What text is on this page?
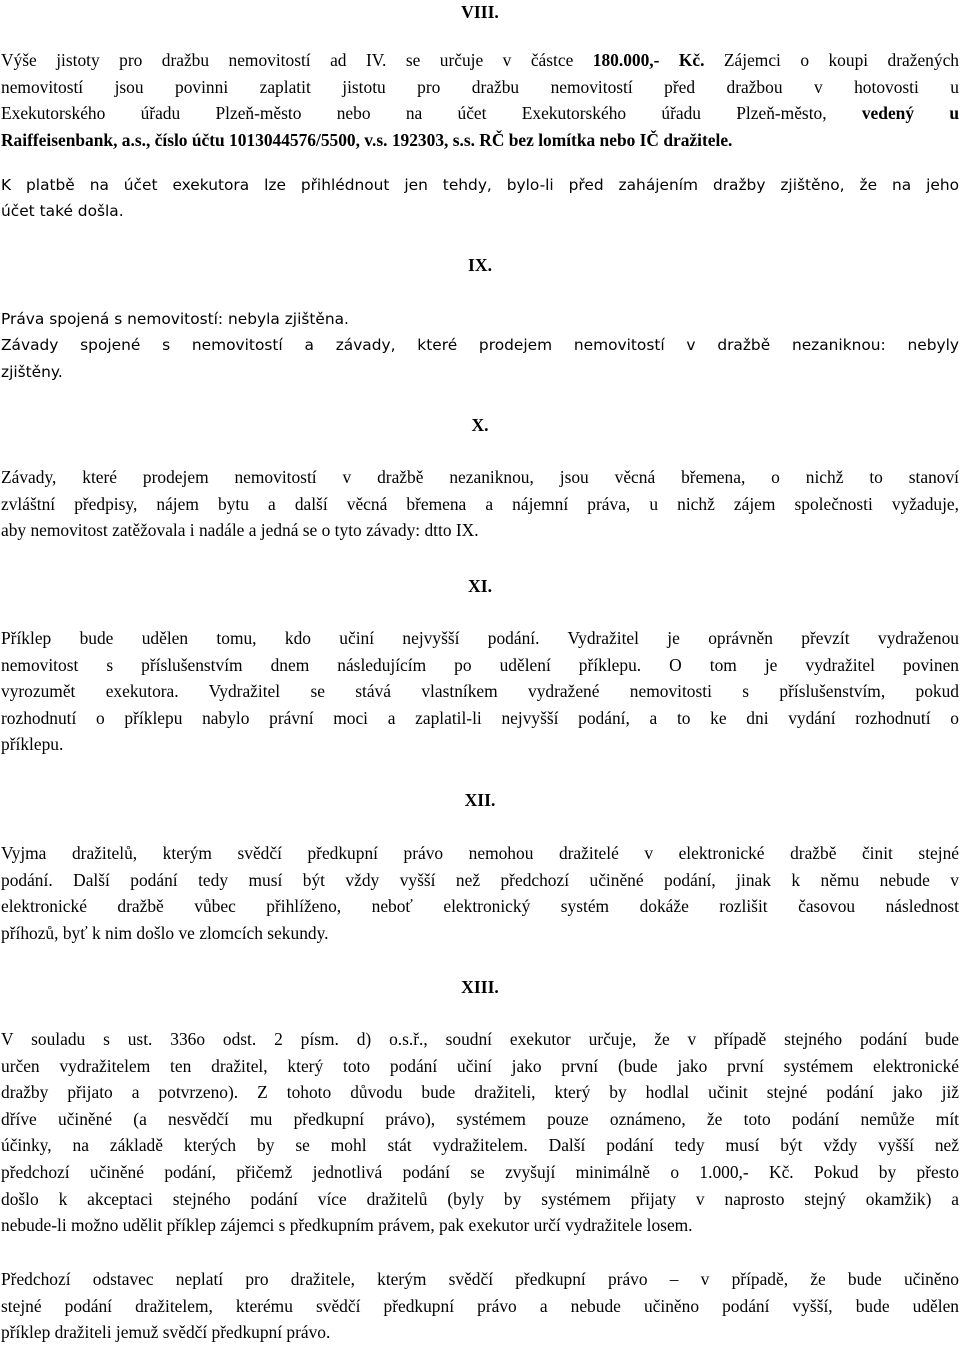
VIII.
Výše jistoty pro dražbu nemovitostí ad IV. se určuje v částce 180.000,- Kč. Zájemci o koupi dražených
nemovitostí jsou povinni zaplatit jistotu pro dražbu nemovitostí před dražbou v hotovosti u
Exekutorského úřadu Plzeň-město nebo na účet Exekutorského úřadu Plzeň-město, vedený u
Raiffeisenbank, a.s., číslo účtu 1013044576/5500, v.s. 192303, s.s. RČ bez lomítka nebo IČ dražitele.
K platbě na účet exekutora lze přihlédnout jen tehdy, bylo-li před zahájením dražby zjištěno, že na jeho
účet také došla.
IX.
Práva spojená s nemovitostí: nebyla zjištěna.
Závady spojené s nemovitostí a závady, které prodejem nemovitostí v dražbě nezaniknou: nebyly
zjištěny.
X.
Závady, které prodejem nemovitostí v dražbě nezaniknou, jsou věcná břemena, o nichž to stanoví
zvláštní předpisy, nájem bytu a další věcná břemena a nájemní práva, u nichž zájem společnosti vyžaduje,
aby nemovitost zatěžovala i nadále a jedná se o tyto závady: dtto IX.
XI.
Příklep bude udělen tomu, kdo učiní nejvyšší podání. Vydražitel je oprávněn převzít vydraženou
nemovitost s příslušenstvím dnem následujícím po udělení příklepu. O tom je vydražitel povinen
vyrozumět exekutora. Vydražitel se stává vlastníkem vydražené nemovitosti s příslušenstvím, pokud
rozhodnutí o příklepu nabylo právní moci a zaplatil-li nejvyšší podání, a to ke dni vydání rozhodnutí o
příklepu.
XII.
Vyjma dražitelů, kterým svědčí předkupní právo nemohou dražitelé v elektronické dražbě činit stejné
podání. Další podání tedy musí být vždy vyšší než předchozí učiněné podání, jinak k němu nebude v
elektronické dražbě vůbec přihlíženo, neboť elektronický systém dokáže rozlišit časovou následnost
příhozů, byť k nim došlo ve zlomcích sekundy.
XIII.
V souladu s ust. 336o odst. 2 písm. d) o.s.ř., soudní exekutor určuje, že v případě stejného podání bude
určen vydražitelem ten dražitel, který toto podání učiní jako první (bude jako první systémem elektronické
dražby přijato a potvrzeno). Z tohoto důvodu bude dražiteli, který by hodlal učinit stejné podání jako již
dříve učiněné (a nesvědčí mu předkupní právo), systémem pouze oznámeno, že toto podání nemůže mít
účinky, na základě kterých by se mohl stát vydražitelem. Další podání tedy musí být vždy vyšší než
předchozí učiněné podání, přičemž jednotlivá podání se zvyšují minimálně o 1.000,- Kč. Pokud by přesto
došlo k akceptaci stejného podání více dražitelů (byly by systémem přijaty v naprosto stejný okamžik) a
nebude-li možno udělit příklep zájemci s předkupním právem, pak exekutor určí vydražitele losem.
Předchozí odstavec neplatí pro dražitele, kterým svědčí předkupní právo – v případě, že bude učiněno
stejné podání dražitelem, kterému svědčí předkupní právo a nebude učiněno podání vyšší, bude udělen
příklep dražiteli jemuž svědčí předkupní právo.
